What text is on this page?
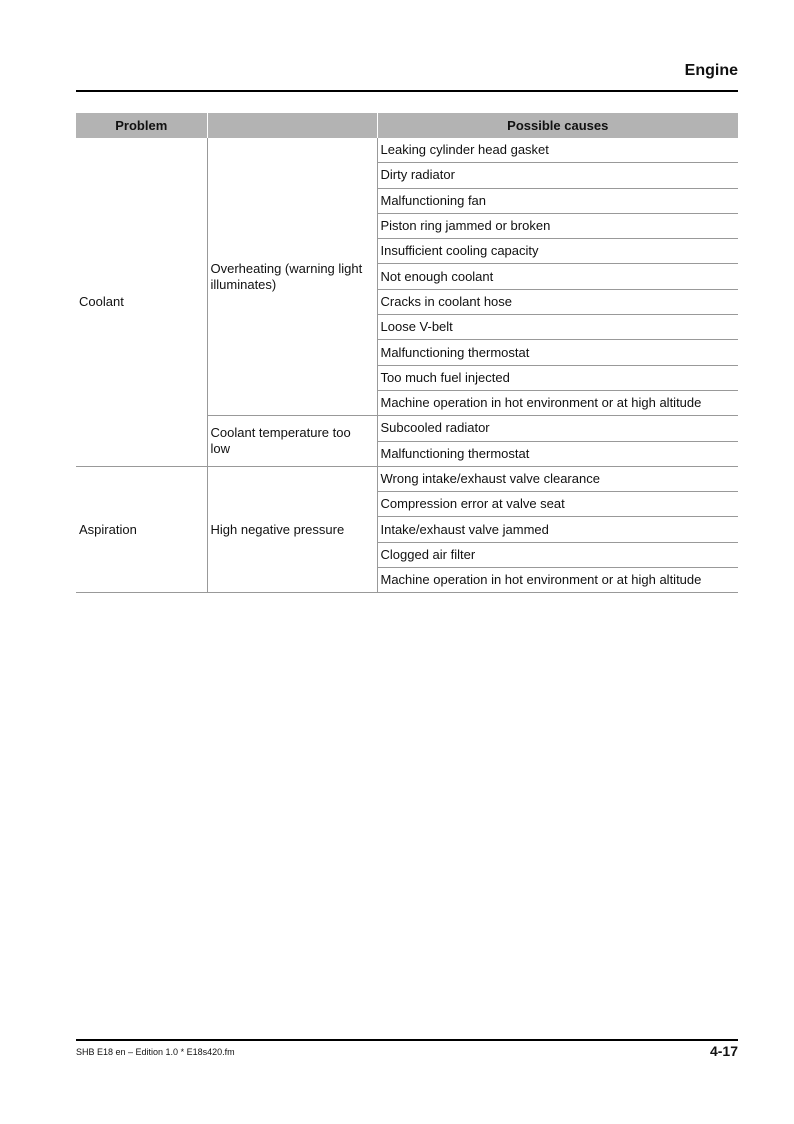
Engine
Problem		Possible causes
Coolant	Overheating (warning light illuminates)	Leaking cylinder head gasket
		Dirty radiator
		Malfunctioning fan
		Piston ring jammed or broken
		Insufficient cooling capacity
		Not enough coolant
		Cracks in coolant hose
		Loose V-belt
		Malfunctioning thermostat
		Too much fuel injected
		Machine operation in hot environment or at high altitude
	Coolant temperature too low	Subcooled radiator
		Malfunctioning thermostat
Aspiration	High negative pressure	Wrong intake/exhaust valve clearance
		Compression error at valve seat
		Intake/exhaust valve jammed
		Clogged air filter
		Machine operation in hot environment or at high altitude
SHB E18 en – Edition 1.0 * E18s420.fm	4-17
